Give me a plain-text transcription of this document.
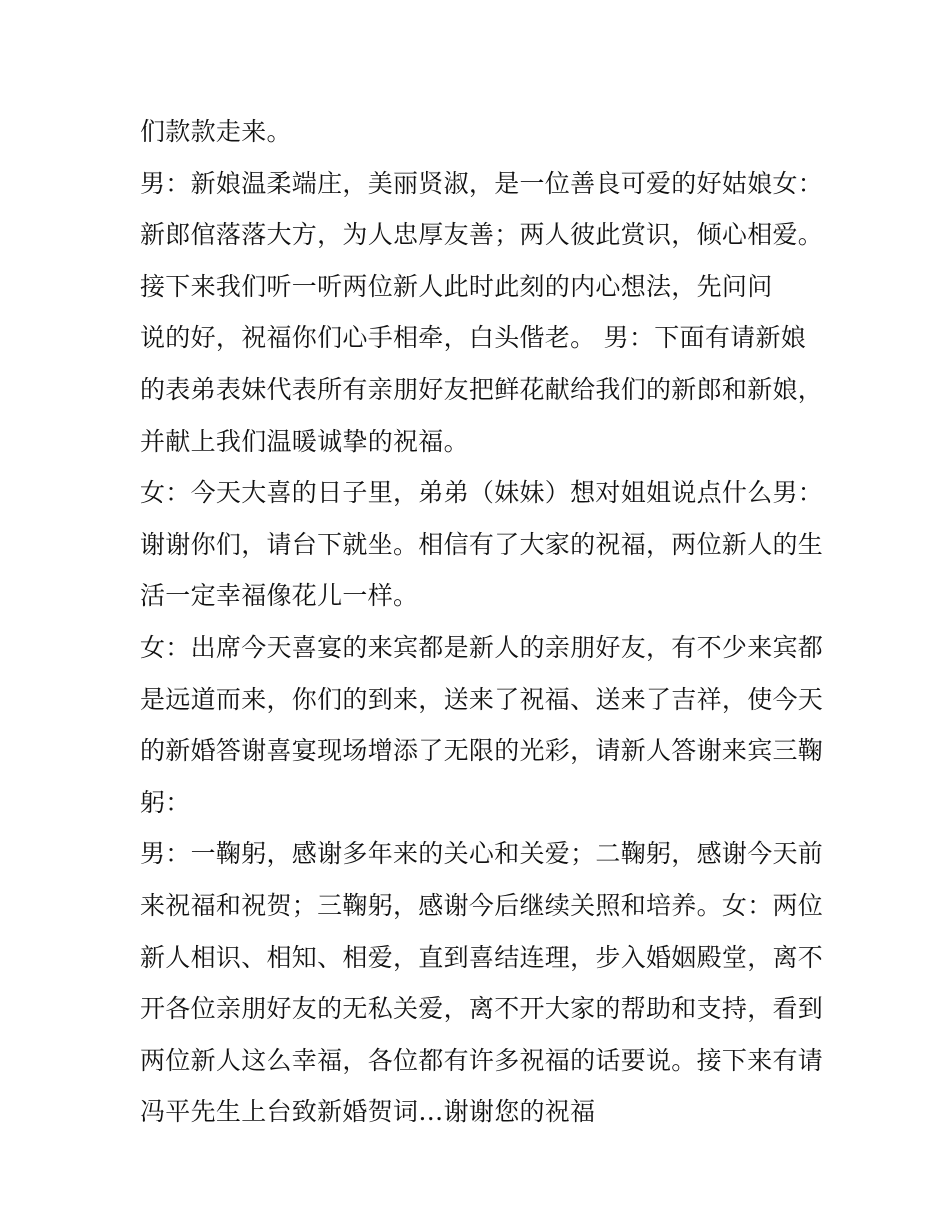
们款款走来。
男：新娘温柔端庄，美丽贤淑，是一位善良可爱的好姑娘女：
新郎倌落落大方，为人忠厚友善；两人彼此赏识，倾心相爱。
接下来我们听一听两位新人此时此刻的内心想法，先问问
说的好，祝福你们心手相牵，白头偕老。 男：下面有请新娘
的表弟表妹代表所有亲朋好友把鲜花献给我们的新郎和新娘，
并献上我们温暖诚挚的祝福。
女：今天大喜的日子里，弟弟（妹妹）想对姐姐说点什么男：
谢谢你们，请台下就坐。相信有了大家的祝福，两位新人的生
活一定幸福像花儿一样。
女：出席今天喜宴的来宾都是新人的亲朋好友，有不少来宾都
是远道而来，你们的到来，送来了祝福、送来了吉祥，使今天
的新婚答谢喜宴现场增添了无限的光彩，请新人答谢来宾三鞠
躬：
男：一鞠躬，感谢多年来的关心和关爱；二鞠躬，感谢今天前
来祝福和祝贺；三鞠躬，感谢今后继续关照和培养。女：两位
新人相识、相知、相爱，直到喜结连理，步入婚姻殿堂，离不
开各位亲朋好友的无私关爱，离不开大家的帮助和支持，看到
两位新人这么幸福，各位都有许多祝福的话要说。接下来有请
冯平先生上台致新婚贺词…谢谢您的祝福
